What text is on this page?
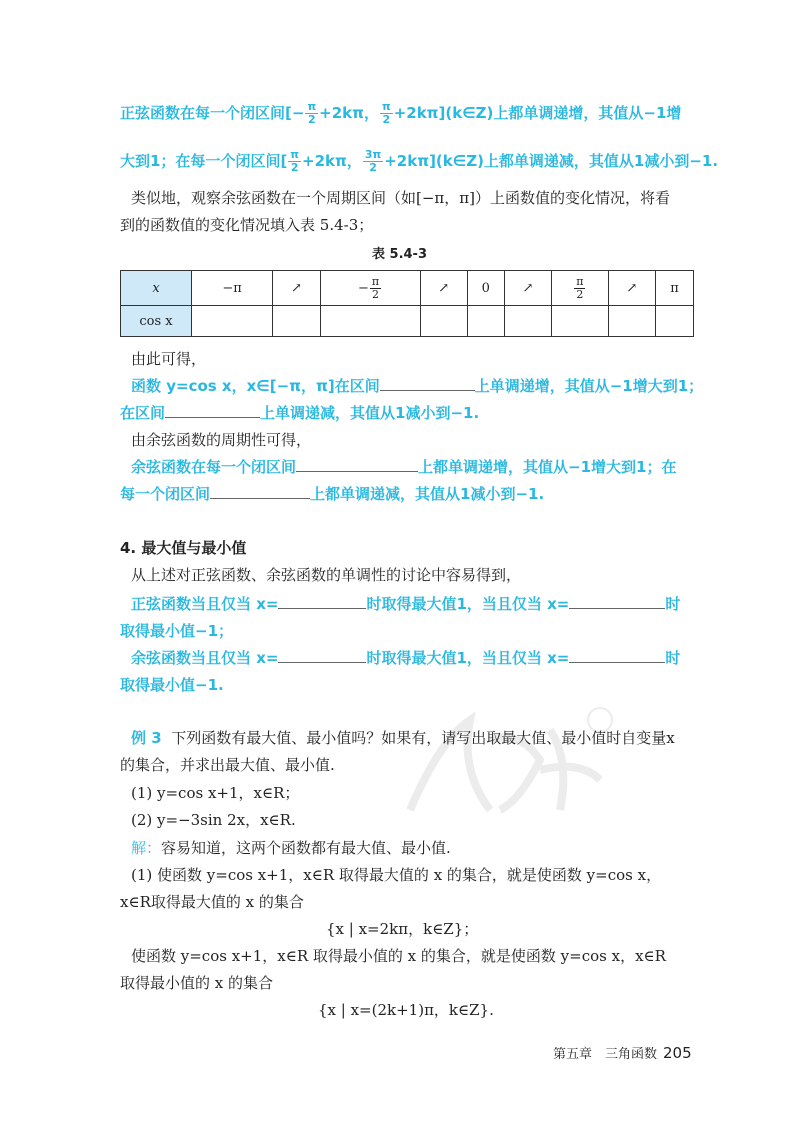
正弦函数在每一个闭区间[− $\frac{\pi}{2} +2k\pi$， $\frac{\pi}{2}$ +2kπ](k∈Z)上都单调递增，其值从−1增
大到1；在每一个闭区间[ $\frac{\pi}{2} +2k\pi$， $\frac{3\pi}{2}$ +2kπ](k∈Z)上都单调递减，其值从1减小到−1.
类似地，观察余弦函数在一个周期区间（如[−π，π]）上函数值的变化情况，将看
到的函数值的变化情况填入表 5.4-3；
表 5.4-3
x	−π	↗	− $\frac{\pi}{2}$	↗	0	↗	$\frac{\pi}{2}$	↗	π
cos x									
由此可得，
函数 y=cos x，x∈[−π，π]在区间	上单调递增，其值从−1增大到1；
在区间	上单调递减，其值从1减小到−1.
由余弦函数的周期性可得，
余弦函数在每一个闭区间	上都单调递增，其值从−1增大到1；在
每一个闭区间	上都单调递减，其值从1减小到−1.
4. 最大值与最小值
从上述对正弦函数、余弦函数的单调性的讨论中容易得到，
正弦函数当且仅当 x=	时取得最大值1，当且仅当 x=	时
取得最小值−1；
余弦函数当且仅当 x=	时取得最大值1，当且仅当 x=	时
取得最小值−1.
例 3 下列函数有最大值、最小值吗？如果有，请写出取最大值、最小值时自变量x
的集合，并求出最大值、最小值.
(1) y=cos x+1，x∈R；
(2) y=−3sin 2x，x∈R.
解：容易知道，这两个函数都有最大值、最小值.
(1) 使函数 y=cos x+1，x∈R 取得最大值的 x 的集合，就是使函数 y=cos x，
x∈R取得最大值的 x 的集合
{x | x=2kπ，k∈Z}；
使函数 y=cos x+1，x∈R 取得最小值的 x 的集合，就是使函数 y=cos x，x∈R
取得最小值的 x 的集合
{x | x=(2k+1)π，k∈Z}.
第五章　三角函数 205
